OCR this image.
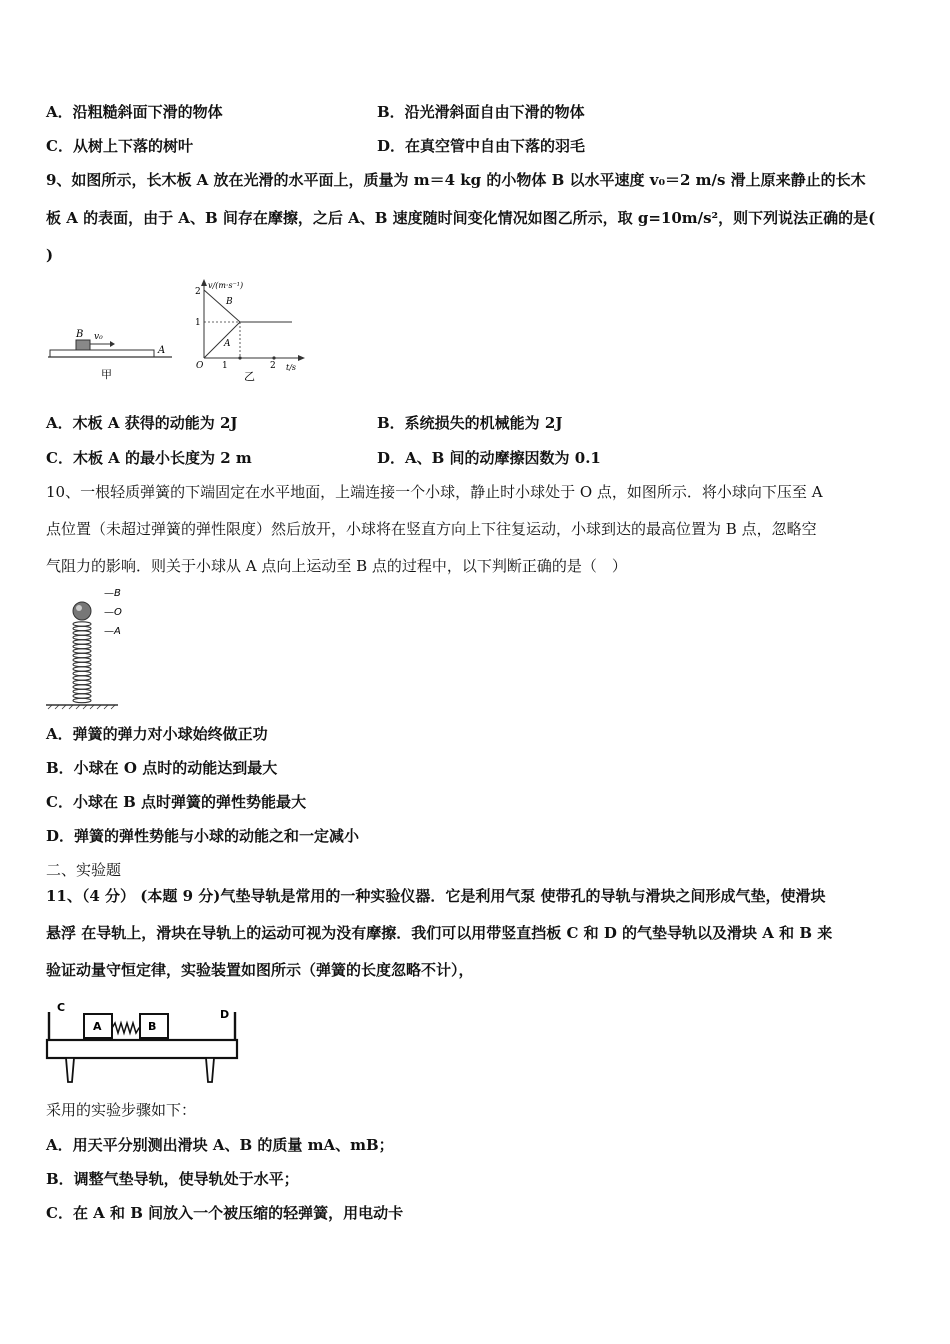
A．沿粗糙斜面下滑的物体	B．沿光滑斜面自由下滑的物体
C．从树上下落的树叶	D．在真空管中自由下落的羽毛
9、如图所示，长木板 A 放在光滑的水平面上，质量为 m＝4 kg 的小物体 B 以水平速度 v₀＝2 m/s 滑上原来静止的长木
板 A 的表面，由于 A、B 间存在摩擦，之后 A、B 速度随时间变化情况如图乙所示，取 g=10m/s²，则下列说法正确的是(
)
B v₀
A
甲
v/(m·s⁻¹)
t/s
2
1
O 1	2
B
A
乙
A．木板 A 获得的动能为 2J	B．系统损失的机械能为 2J
C．木板 A 的最小长度为 2 m	D．A、B 间的动摩擦因数为 0.1
10、一根轻质弹簧的下端固定在水平地面，上端连接一个小球，静止时小球处于 O 点，如图所示．将小球向下压至 A
点位置（未超过弹簧的弹性限度）然后放开，小球将在竖直方向上下往复运动，小球到达的最高位置为 B 点，忽略空
气阻力的影响．则关于小球从 A 点向上运动至 B 点的过程中，以下判断正确的是（　）
—B
—O
—A
A．弹簧的弹力对小球始终做正功
B．小球在 O 点时的动能达到最大
C．小球在 B 点时弹簧的弹性势能最大
D．弹簧的弹性势能与小球的动能之和一定减小
二、实验题
11、（4 分） (本题 9 分)气垫导轨是常用的一种实验仪器．它是利用气泵 使带孔的导轨与滑块之间形成气垫，使滑块
悬浮 在导轨上，滑块在导轨上的运动可视为没有摩擦．我们可以用带竖直挡板 C 和 D 的气垫导轨以及滑块 A 和 B 来
验证动量守恒定律，实验装置如图所示（弹簧的长度忽略不计），
C
D
A	B
采用的实验步骤如下：
A．用天平分别测出滑块 A、B 的质量 mA、mB；
B．调整气垫导轨，使导轨处于水平；
C．在 A 和 B 间放入一个被压缩的轻弹簧，用电动卡
